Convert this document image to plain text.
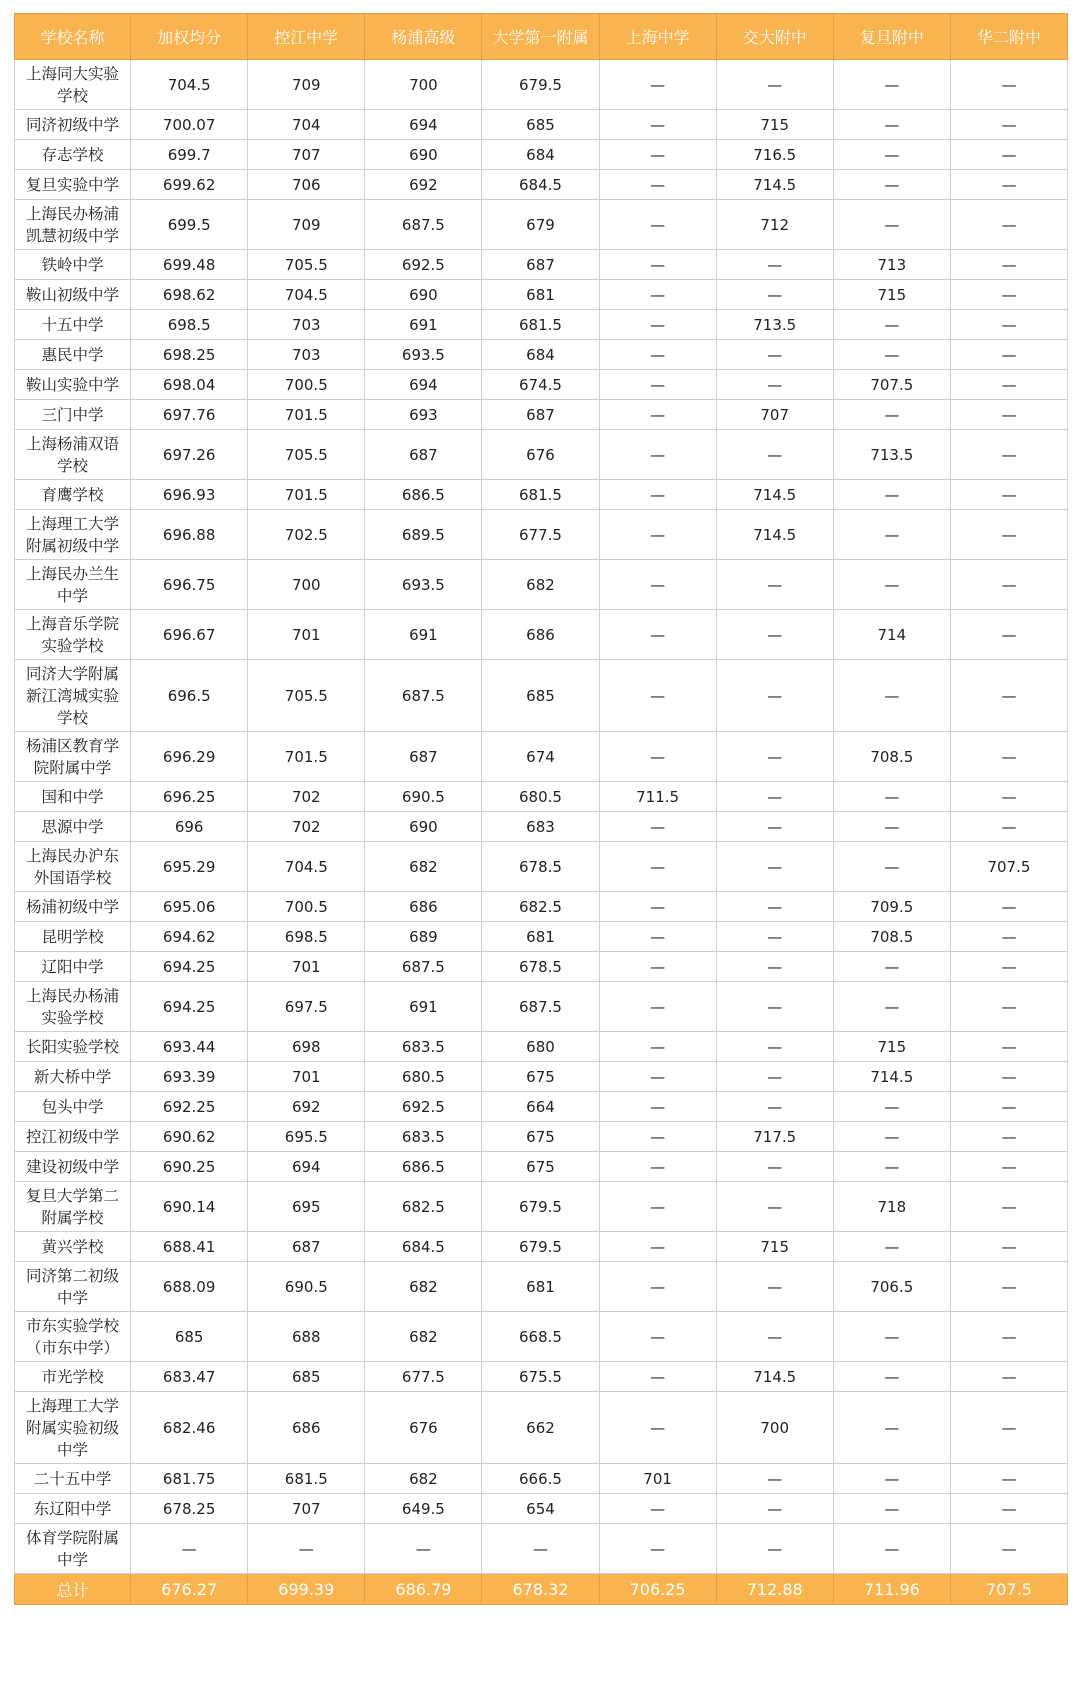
学校名称	加权均分	控江中学	杨浦高级	大学第一附属	上海中学	交大附中	复旦附中	华二附中
上海同大实验学校	704.5	709	700	679.5	—	—	—	—
同济初级中学	700.07	704	694	685	—	715	—	—
存志学校	699.7	707	690	684	—	716.5	—	—
复旦实验中学	699.62	706	692	684.5	—	714.5	—	—
上海民办杨浦凯慧初级中学	699.5	709	687.5	679	—	712	—	—
铁岭中学	699.48	705.5	692.5	687	—	—	713	—
鞍山初级中学	698.62	704.5	690	681	—	—	715	—
十五中学	698.5	703	691	681.5	—	713.5	—	—
惠民中学	698.25	703	693.5	684	—	—	—	—
鞍山实验中学	698.04	700.5	694	674.5	—	—	707.5	—
三门中学	697.76	701.5	693	687	—	707	—	—
上海杨浦双语学校	697.26	705.5	687	676	—	—	713.5	—
育鹰学校	696.93	701.5	686.5	681.5	—	714.5	—	—
上海理工大学附属初级中学	696.88	702.5	689.5	677.5	—	714.5	—	—
上海民办兰生中学	696.75	700	693.5	682	—	—	—	—
上海音乐学院实验学校	696.67	701	691	686	—	—	714	—
同济大学附属新江湾城实验学校	696.5	705.5	687.5	685	—	—	—	—
杨浦区教育学院附属中学	696.29	701.5	687	674	—	—	708.5	—
国和中学	696.25	702	690.5	680.5	711.5	—	—	—
思源中学	696	702	690	683	—	—	—	—
上海民办沪东外国语学校	695.29	704.5	682	678.5	—	—	—	707.5
杨浦初级中学	695.06	700.5	686	682.5	—	—	709.5	—
昆明学校	694.62	698.5	689	681	—	—	708.5	—
辽阳中学	694.25	701	687.5	678.5	—	—	—	—
上海民办杨浦实验学校	694.25	697.5	691	687.5	—	—	—	—
长阳实验学校	693.44	698	683.5	680	—	—	715	—
新大桥中学	693.39	701	680.5	675	—	—	714.5	—
包头中学	692.25	692	692.5	664	—	—	—	—
控江初级中学	690.62	695.5	683.5	675	—	717.5	—	—
建设初级中学	690.25	694	686.5	675	—	—	—	—
复旦大学第二附属学校	690.14	695	682.5	679.5	—	—	718	—
黄兴学校	688.41	687	684.5	679.5	—	715	—	—
同济第二初级中学	688.09	690.5	682	681	—	—	706.5	—
市东实验学校（市东中学）	685	688	682	668.5	—	—	—	—
市光学校	683.47	685	677.5	675.5	—	714.5	—	—
上海理工大学附属实验初级中学	682.46	686	676	662	—	700	—	—
二十五中学	681.75	681.5	682	666.5	701	—	—	—
东辽阳中学	678.25	707	649.5	654	—	—	—	—
体育学院附属中学	—	—	—	—	—	—	—	—
总计	676.27	699.39	686.79	678.32	706.25	712.88	711.96	707.5
